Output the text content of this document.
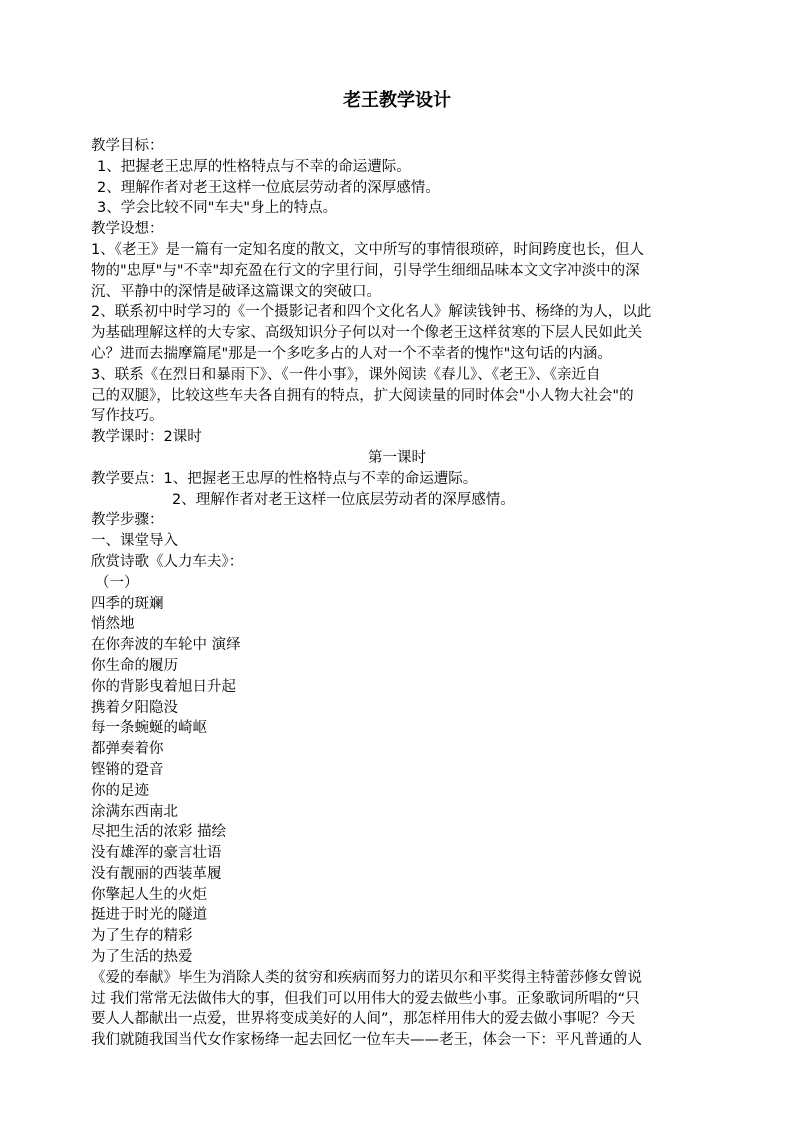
老王教学设计
教学目标：
1、把握老王忠厚的性格特点与不幸的命运遭际。
2、理解作者对老王这样一位底层劳动者的深厚感情。
3、学会比较不同"车夫"身上的特点。
教学设想：
1、《老王》是一篇有一定知名度的散文，文中所写的事情很琐碎，时间跨度也长，但人
物的"忠厚"与"不幸"却充盈在行文的字里行间，引导学生细细品味本文文字冲淡中的深
沉、平静中的深情是破译这篇课文的突破口。
2、联系初中时学习的《一个摄影记者和四个文化名人》解读钱钟书、杨绛的为人，以此
为基础理解这样的大专家、高级知识分子何以对一个像老王这样贫寒的下层人民如此关
心？进而去揣摩篇尾"那是一个多吃多占的人对一个不幸者的愧怍"这句话的内涵。
3、联系《在烈日和暴雨下》、《一件小事》，课外阅读《春儿》、《老王》、《亲近自
己的双腿》，比较这些车夫各自拥有的特点，扩大阅读量的同时体会"小人物大社会"的
写作技巧。
教学课时：2课时
第一课时
教学要点：1、把握老王忠厚的性格特点与不幸的命运遭际。
2、理解作者对老王这样一位底层劳动者的深厚感情。
教学步骤：
一、课堂导入
欣赏诗歌《人力车夫》：
（一）
四季的斑斓
悄然地
在你奔波的车轮中 演绎
你生命的履历
你的背影曳着旭日升起
携着夕阳隐没
每一条蜿蜒的崎岖
都弹奏着你
铿锵的跫音
你的足迹
涂满东西南北
尽把生活的浓彩 描绘
没有雄浑的豪言壮语
没有靓丽的西装革履
你擎起人生的火炬
挺进于时光的隧道
为了生存的精彩
为了生活的热爱
《爱的奉献》毕生为消除人类的贫穷和疾病而努力的诺贝尔和平奖得主特蕾莎修女曾说
过 我们常常无法做伟大的事，但我们可以用伟大的爱去做些小事。正象歌词所唱的“只
要人人都献出一点爱，世界将变成美好的人间”，那怎样用伟大的爱去做小事呢？今天
我们就随我国当代女作家杨绛一起去回忆一位车夫——老王，体会一下：平凡普通的人
